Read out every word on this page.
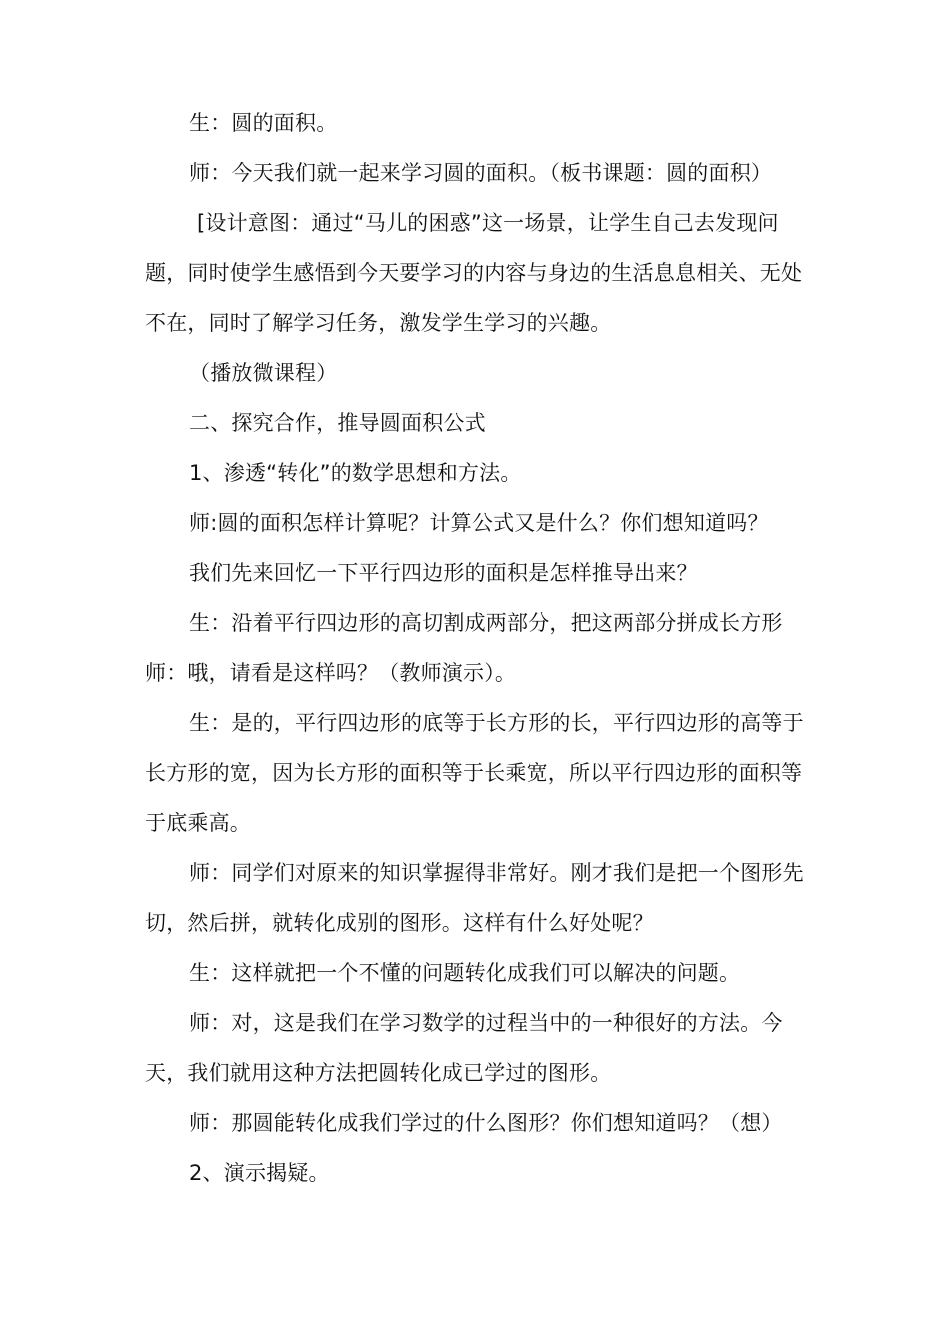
生：圆的面积。

师：今天我们就一起来学习圆的面积。（板书课题：圆的面积）

[设计意图：通过“马儿的困惑”这一场景，让学生自己去发现问题，同时使学生感悟到今天要学习的内容与身边的生活息息相关、无处不在，同时了解学习任务，激发学生学习的兴趣。

（播放微课程）

二、探究合作，推导圆面积公式

1、渗透“转化”的数学思想和方法。

师:圆的面积怎样计算呢？计算公式又是什么？你们想知道吗？

我们先来回忆一下平行四边形的面积是怎样推导出来？

生：沿着平行四边形的高切割成两部分，把这两部分拼成长方形

师：哦，请看是这样吗？（教师演示）。

生：是的，平行四边形的底等于长方形的长，平行四边形的高等于长方形的宽，因为长方形的面积等于长乘宽，所以平行四边形的面积等于底乘高。

师：同学们对原来的知识掌握得非常好。刚才我们是把一个图形先切，然后拼，就转化成别的图形。这样有什么好处呢？

生：这样就把一个不懂的问题转化成我们可以解决的问题。

师：对，这是我们在学习数学的过程当中的一种很好的方法。今天，我们就用这种方法把圆转化成已学过的图形。

师：那圆能转化成我们学过的什么图形？你们想知道吗？（想）

2、演示揭疑。
